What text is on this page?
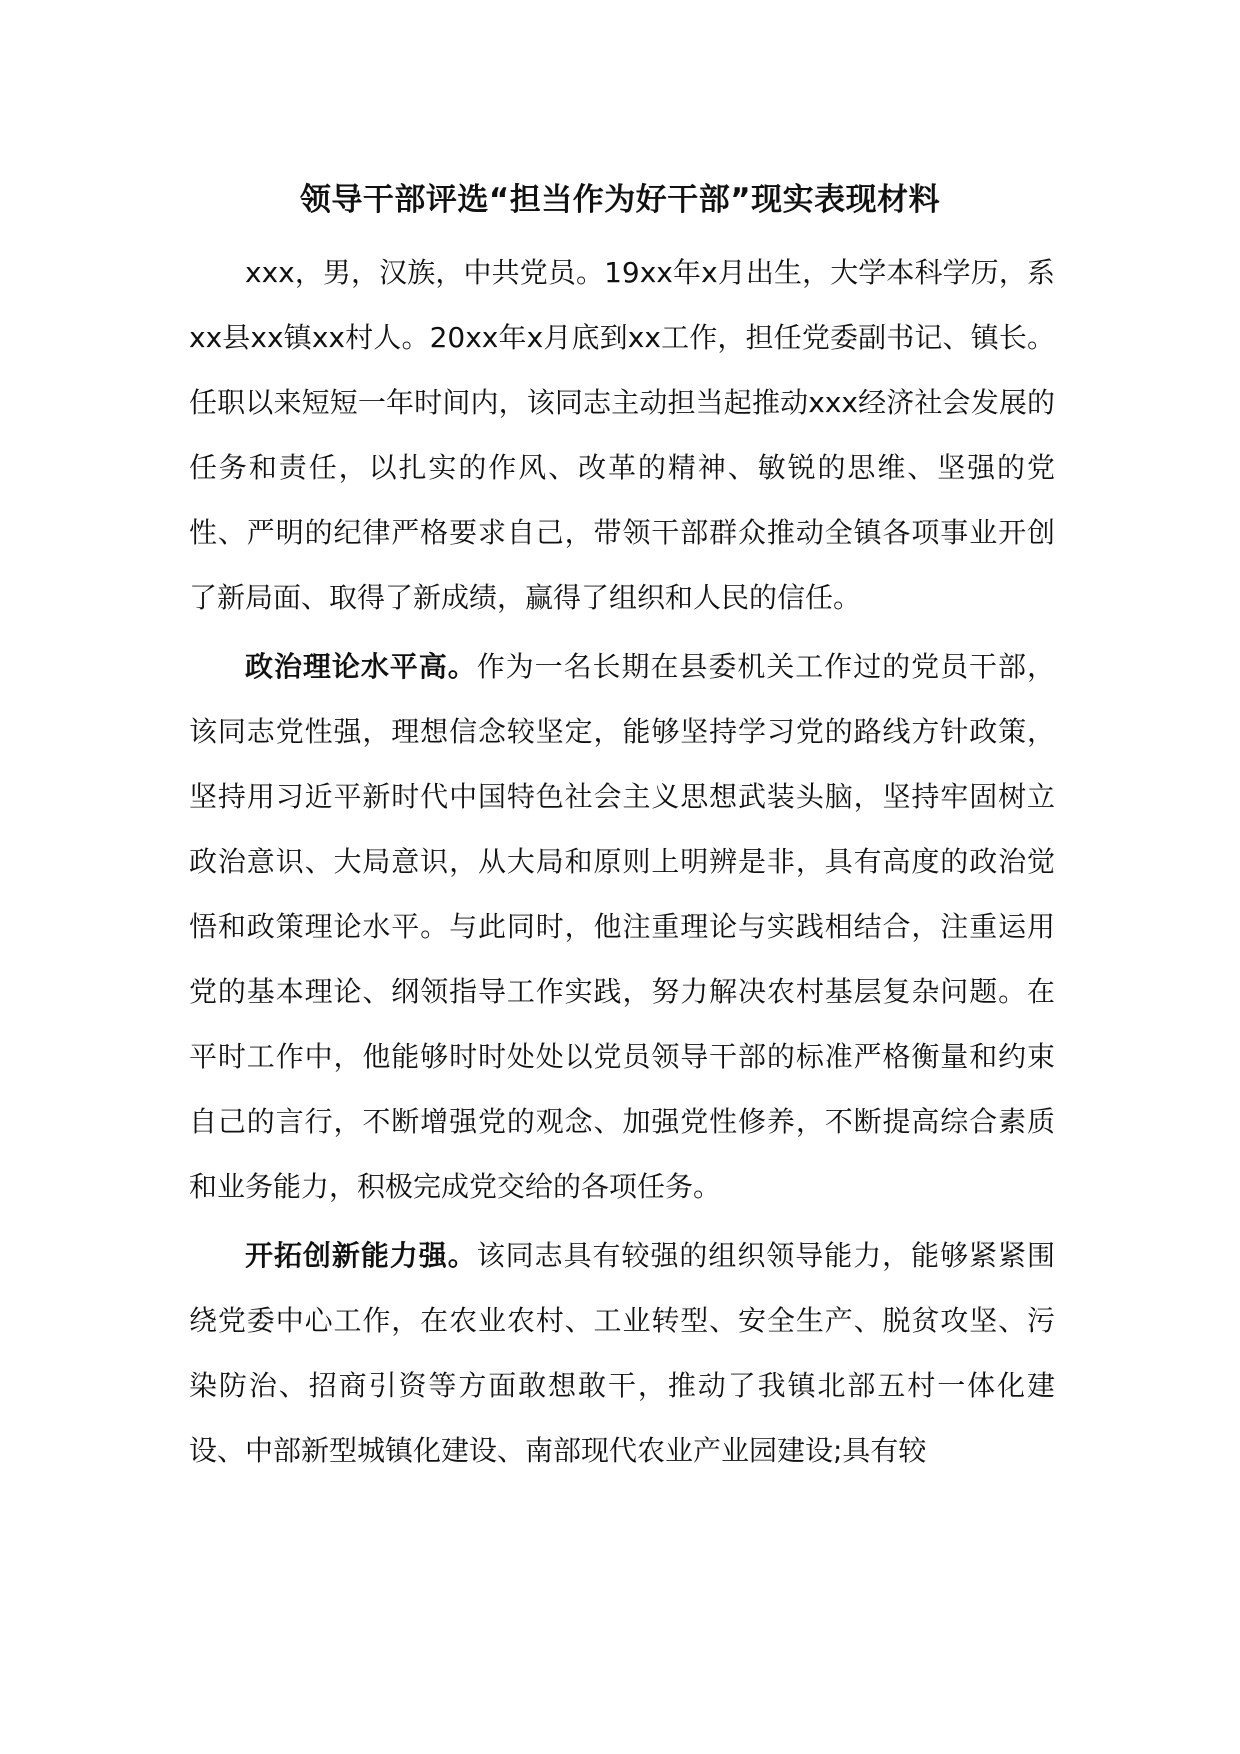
领导干部评选“担当作为好干部”现实表现材料

xxx，男，汉族，中共党员。19xx年x月出生，大学本科学历，系xx县xx镇xx村人。20xx年x月底到xx工作，担任党委副书记、镇长。任职以来短短一年时间内，该同志主动担当起推动xxx经济社会发展的任务和责任，以扎实的作风、改革的精神、敏锐的思维、坚强的党性、严明的纪律严格要求自己，带领干部群众推动全镇各项事业开创了新局面、取得了新成绩，赢得了组织和人民的信任。

政治理论水平高。作为一名长期在县委机关工作过的党员干部，该同志党性强，理想信念较坚定，能够坚持学习党的路线方针政策，坚持用习近平新时代中国特色社会主义思想武装头脑，坚持牢固树立政治意识、大局意识，从大局和原则上明辨是非，具有高度的政治觉悟和政策理论水平。与此同时，他注重理论与实践相结合，注重运用党的基本理论、纲领指导工作实践，努力解决农村基层复杂问题。在平时工作中，他能够时时处处以党员领导干部的标准严格衡量和约束自己的言行，不断增强党的观念、加强党性修养，不断提高综合素质和业务能力，积极完成党交给的各项任务。

开拓创新能力强。该同志具有较强的组织领导能力，能够紧紧围绕党委中心工作，在农业农村、工业转型、安全生产、脱贫攻坚、污染防治、招商引资等方面敢想敢干，推动了我镇北部五村一体化建设、中部新型城镇化建设、南部现代农业产业园建设;具有较
